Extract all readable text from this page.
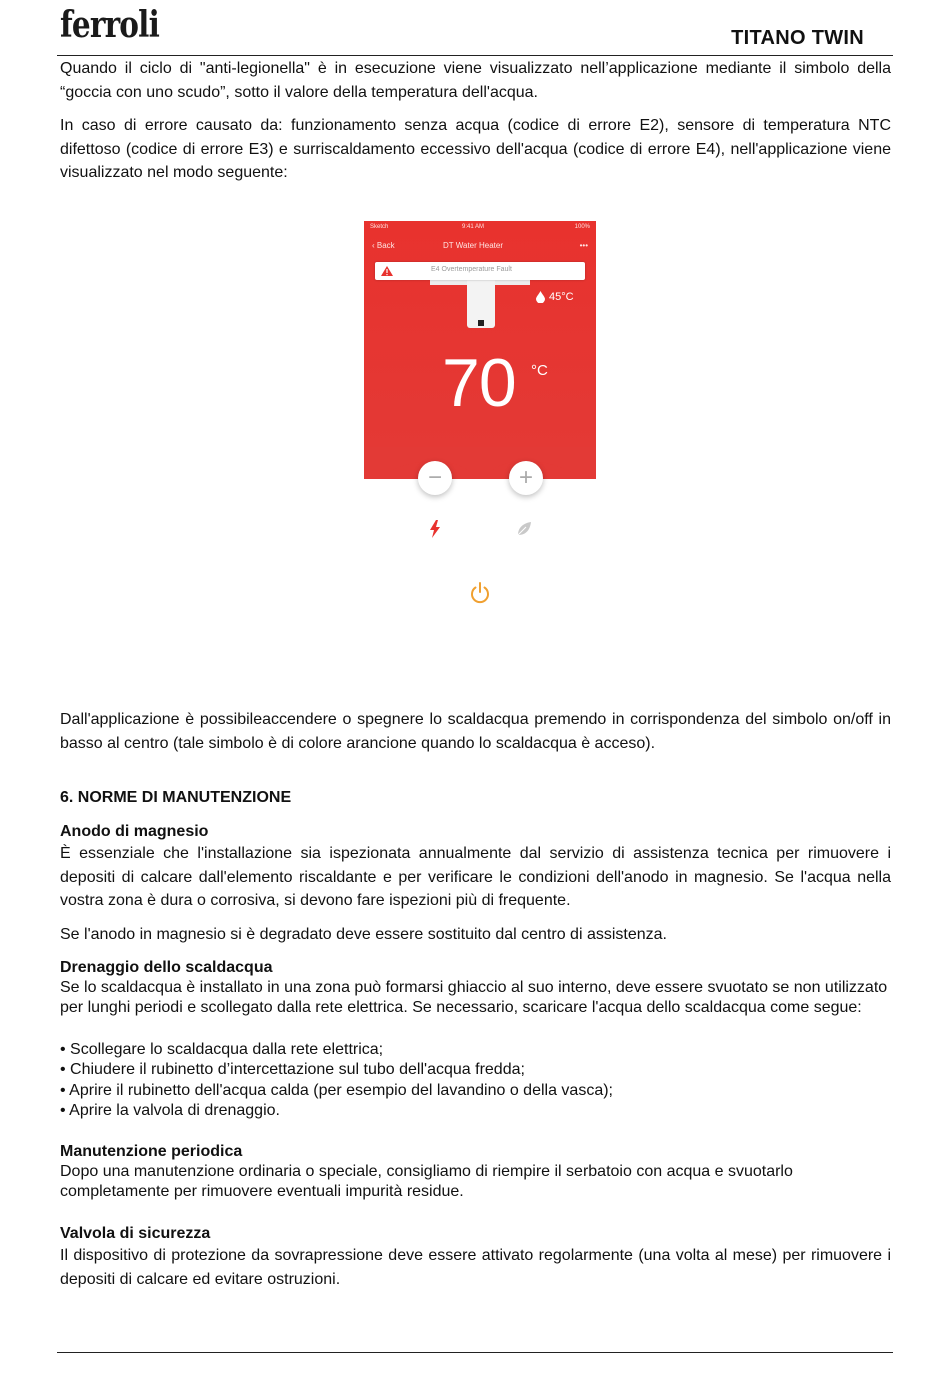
ferroli	TITANO TWIN

Quando il ciclo di "anti-legionella" è in esecuzione viene visualizzato nell’applicazione mediante il simbolo della “goccia con uno scudo”, sotto il valore della temperatura dell'acqua.

In caso di errore causato da: funzionamento senza acqua (codice di errore E2), sensore di temperatura NTC difettoso (codice di errore E3) e surriscaldamento eccessivo dell'acqua (codice di errore E4), nell'applicazione viene visualizzato nel modo seguente:

Sketch	9:41 AM	100%
‹ Back	DT Water Heater	•••
E4 Overtemperature Fault
45°C
70 °C
−	+

Dall'applicazione è possibileaccendere o spegnere lo scaldacqua premendo in corrispondenza del simbolo on/off in basso al centro (tale simbolo è di colore arancione quando lo scaldacqua è acceso).

6. NORME DI MANUTENZIONE
Anodo di magnesio

È essenziale che l'installazione sia ispezionata annualmente dal servizio di assistenza tecnica per rimuovere i depositi di calcare dall'elemento riscaldante e per verificare le condizioni dell'anodo in magnesio. Se l'acqua nella vostra zona è dura o corrosiva, si devono fare ispezioni più di frequente.

Se l'anodo in magnesio si è degradato deve essere sostituito dal centro di assistenza.

Drenaggio dello scaldacqua

Se lo scaldacqua è installato in una zona può formarsi ghiaccio al suo interno, deve essere svuotato se non utilizzato per lunghi periodi e scollegato dalla rete elettrica. Se necessario, scaricare l'acqua dello scaldacqua come segue:

• Scollegare lo scaldacqua dalla rete elettrica;
• Chiudere il rubinetto d’intercettazione sul tubo dell'acqua fredda;
• Aprire il rubinetto dell'acqua calda (per esempio del lavandino o della vasca);
• Aprire la valvola di drenaggio.
Manutenzione periodica

Dopo una manutenzione ordinaria o speciale, consigliamo di riempire il serbatoio con acqua e svuotarlo completamente per rimuovere eventuali impurità residue.

Valvola di sicurezza

Il dispositivo di protezione da sovrapressione deve essere attivato regolarmente (una volta al mese) per rimuovere i depositi di calcare ed evitare ostruzioni.
